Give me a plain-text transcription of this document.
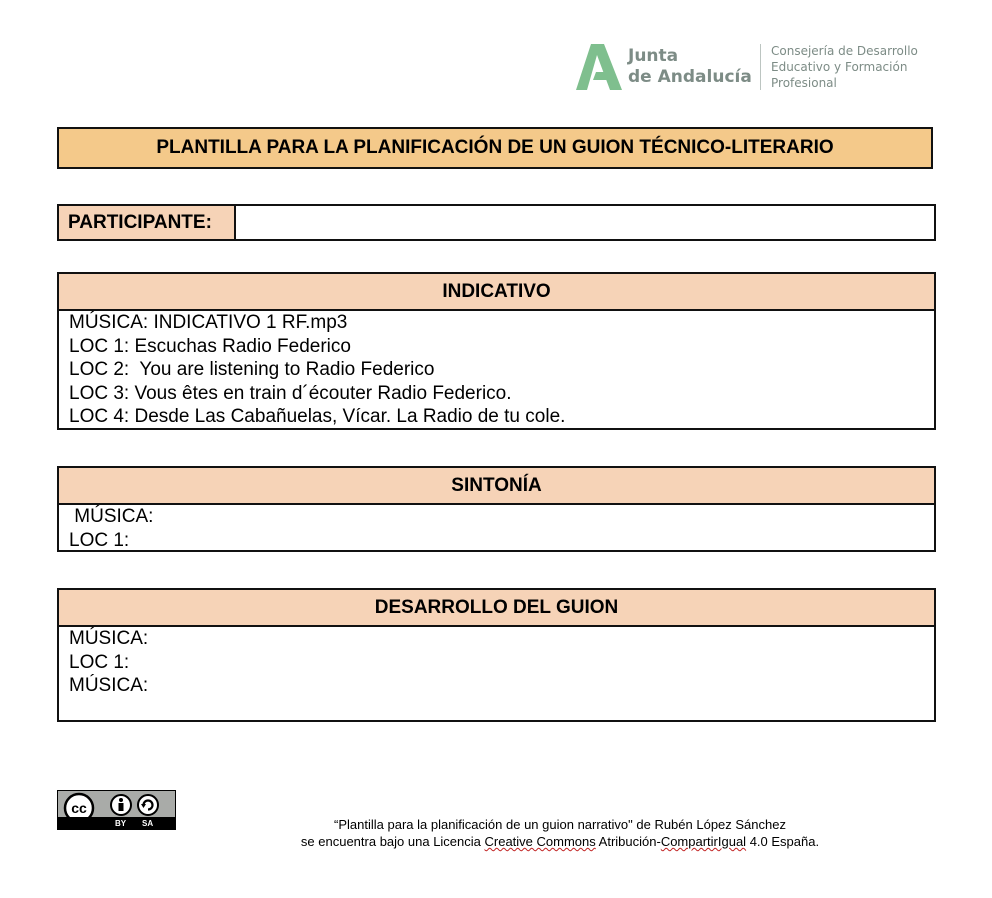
Junta
de Andalucía
Consejería de Desarrollo
Educativo y Formación
Profesional
PLANTILLA PARA LA PLANIFICACIÓN DE UN GUION TÉCNICO-LITERARIO
PARTICIPANTE:
INDICATIVO
MÚSICA: INDICATIVO 1 RF.mp3
LOC 1: Escuchas Radio Federico
LOC 2:  You are listening to Radio Federico
LOC 3: Vous êtes en train d´écouter Radio Federico.
LOC 4: Desde Las Cabañuelas, Vícar. La Radio de tu cole.
SINTONÍA
MÚSICA:
LOC 1:
DESARROLLO DEL GUION
MÚSICA:
LOC 1:
MÚSICA:
cc
BY SA	“Plantilla para la planificación de un guion narrativo" de Rubén López Sánchez
se encuentra bajo una Licencia Creative Commons Atribución-CompartirIgual 4.0 España.
